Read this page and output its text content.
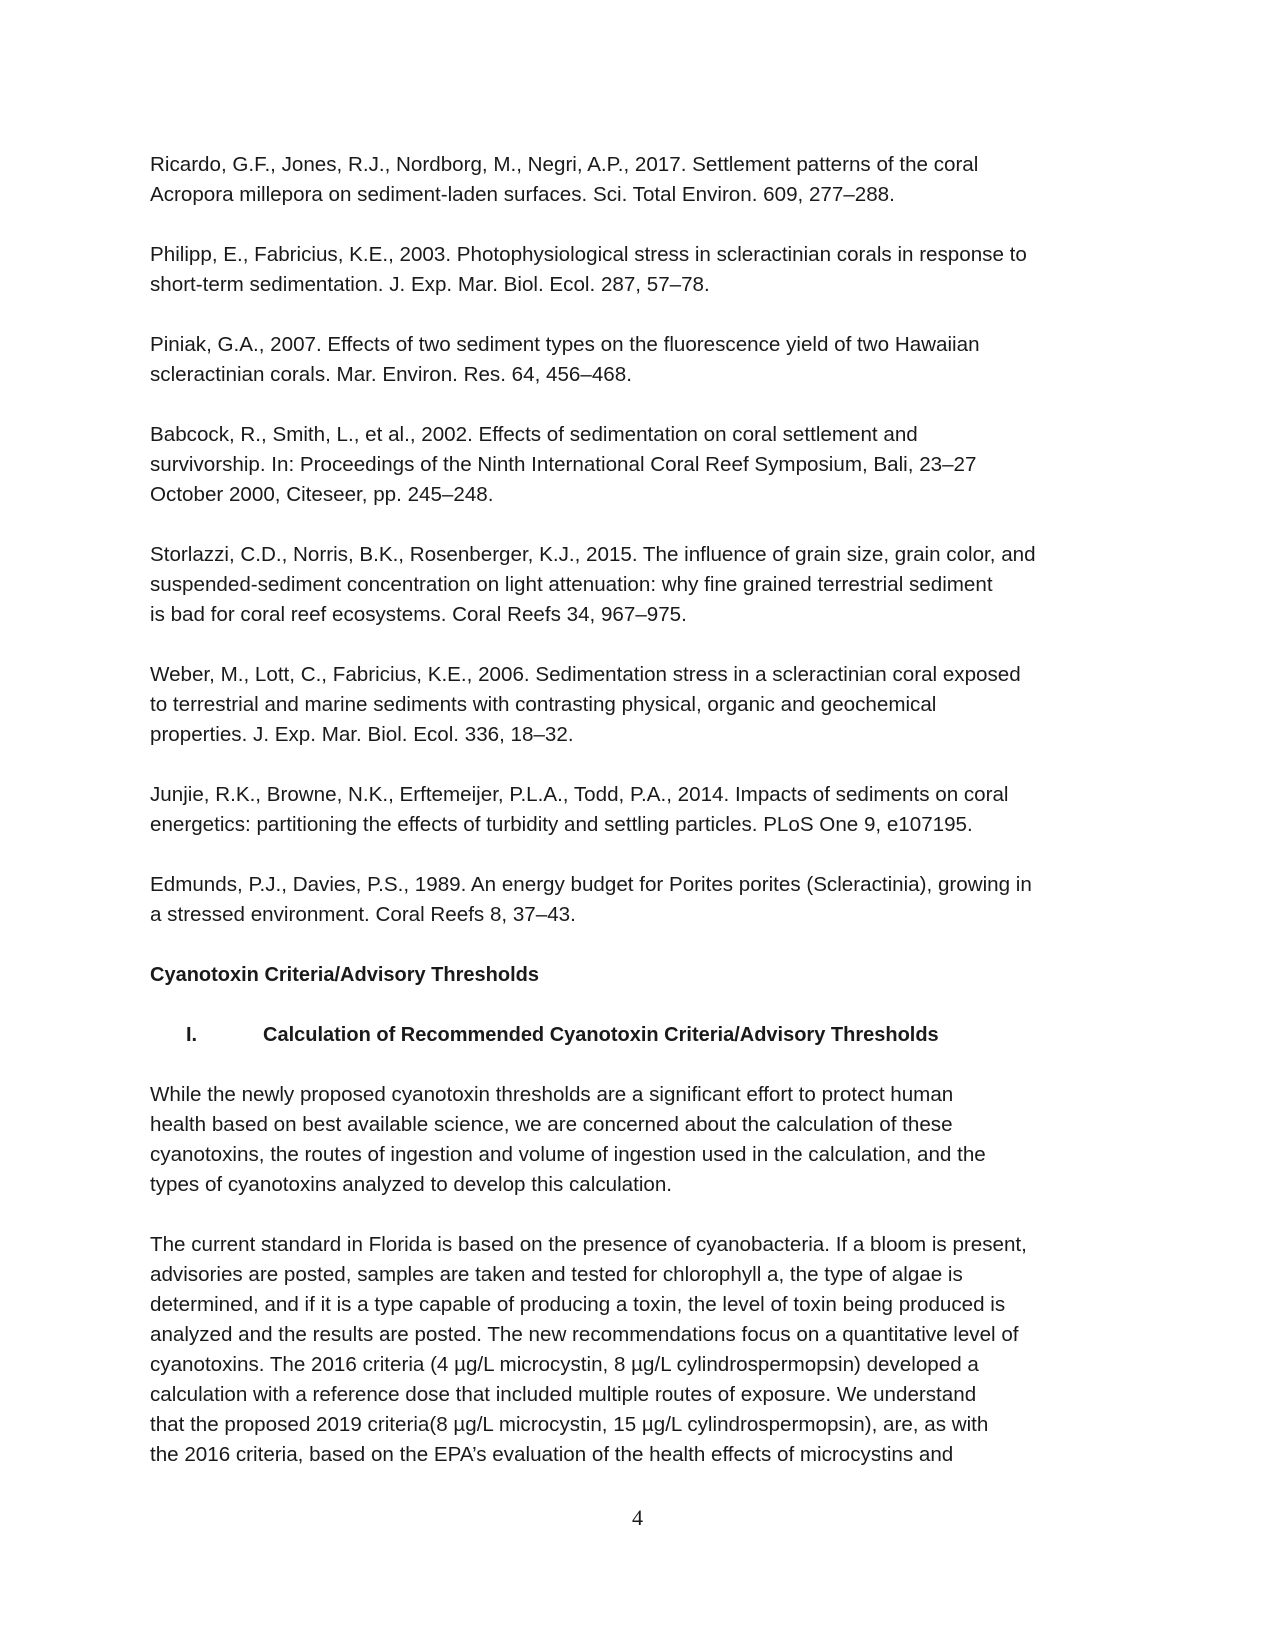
Ricardo, G.F., Jones, R.J., Nordborg, M., Negri, A.P., 2017. Settlement patterns of the coral
Acropora millepora on sediment-laden surfaces. Sci. Total Environ. 609, 277–288.
Philipp, E., Fabricius, K.E., 2003. Photophysiological stress in scleractinian corals in response to
short-term sedimentation. J. Exp. Mar. Biol. Ecol. 287, 57–78.
Piniak, G.A., 2007. Effects of two sediment types on the fluorescence yield of two Hawaiian
scleractinian corals. Mar. Environ. Res. 64, 456–468.
Babcock, R., Smith, L., et al., 2002. Effects of sedimentation on coral settlement and
survivorship. In: Proceedings of the Ninth International Coral Reef Symposium, Bali, 23–27
October 2000, Citeseer, pp. 245–248.
Storlazzi, C.D., Norris, B.K., Rosenberger, K.J., 2015. The influence of grain size, grain color, and
suspended-sediment concentration on light attenuation: why fine grained terrestrial sediment
is bad for coral reef ecosystems. Coral Reefs 34, 967–975.
Weber, M., Lott, C., Fabricius, K.E., 2006. Sedimentation stress in a scleractinian coral exposed
to terrestrial and marine sediments with contrasting physical, organic and geochemical
properties. J. Exp. Mar. Biol. Ecol. 336, 18–32.
Junjie, R.K., Browne, N.K., Erftemeijer, P.L.A., Todd, P.A., 2014. Impacts of sediments on coral
energetics: partitioning the effects of turbidity and settling particles. PLoS One 9, e107195.
Edmunds, P.J., Davies, P.S., 1989. An energy budget for Porites porites (Scleractinia), growing in
a stressed environment. Coral Reefs 8, 37–43.
Cyanotoxin Criteria/Advisory Thresholds
I.	Calculation of Recommended Cyanotoxin Criteria/Advisory Thresholds
While the newly proposed cyanotoxin thresholds are a significant effort to protect human
health based on best available science, we are concerned about the calculation of these
cyanotoxins, the routes of ingestion and volume of ingestion used in the calculation, and the
types of cyanotoxins analyzed to develop this calculation.
The current standard in Florida is based on the presence of cyanobacteria. If a bloom is present,
advisories are posted, samples are taken and tested for chlorophyll a, the type of algae is
determined, and if it is a type capable of producing a toxin, the level of toxin being produced is
analyzed and the results are posted. The new recommendations focus on a quantitative level of
cyanotoxins. The 2016 criteria (4 µg/L microcystin, 8 µg/L cylindrospermopsin) developed a
calculation with a reference dose that included multiple routes of exposure. We understand
that the proposed 2019 criteria(8 µg/L microcystin, 15 µg/L cylindrospermopsin), are, as with
the 2016 criteria, based on the EPA’s evaluation of the health effects of microcystins and
4
